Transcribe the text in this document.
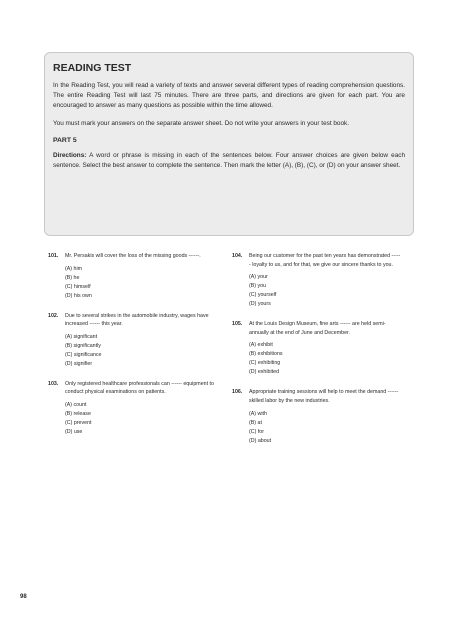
READING TEST

In the Reading Test, you will read a variety of texts and answer several different types of reading comprehension questions. The entire Reading Test will last 75 minutes. There are three parts, and directions are given for each part. You are encouraged to answer as many questions as possible within the time allowed.

You must mark your answers on the separate answer sheet. Do not write your answers in your test book.

PART 5

Directions: A word or phrase is missing in each of the sentences below. Four answer choices are given below each sentence. Select the best answer to complete the sentence. Then mark the letter (A), (B), (C), or (D) on your answer sheet.

101.	Mr. Persakis will cover the loss of the missing goods ------.
(A) him
(B) he
(C) himself
(D) his own
102.	Due to several strikes in the automobile industry, wages have increased ------ this year.
(A) significant
(B) significantly
(C) significance
(D) signifier
103.	Only registered healthcare professionals can ------ equipment to conduct physical examinations on patients.
(A) count
(B) release
(C) prevent
(D) use
104.	Being our customer for the past ten years has demonstrated ------ loyalty to us, and for that, we give our sincere thanks to you.
(A) your
(B) you
(C) yourself
(D) yours
105.	At the Louis Design Museum, fine arts ------ are held semi-annually at the end of June and December.
(A) exhibit
(B) exhibitions
(C) exhibiting
(D) exhibited
106.	Appropriate training sessions will help to meet the demand ------ skilled labor by the new industries.
(A) with
(B) at
(C) for
(D) about
98
